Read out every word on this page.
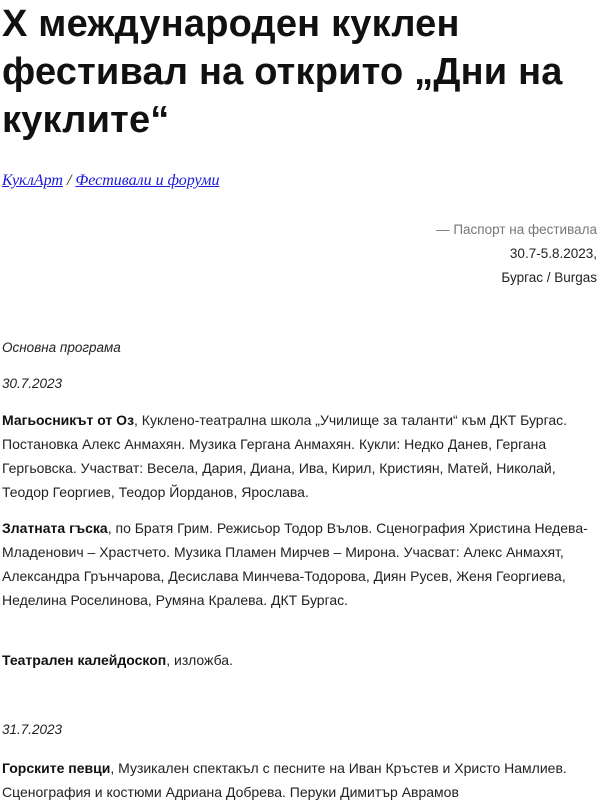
Х международен куклен фестивал на открито „Дни на куклите“
КуклАрт / Фестивали и форуми
— Паспорт на фестивала
30.7-5.8.2023,
Бургас / Burgas
Основна програма
30.7.2023

Магьосникът от Оз, Куклено-театрална школа „Училище за таланти“ към ДКТ Бургас. Постановка Алекс Анмахян. Музика Гергана Анмахян. Кукли: Недко Данев, Гергана Гергьовска. Участват: Весела, Дария, Диана, Ива, Кирил, Кристиян, Матей, Николай, Теодор Георгиев, Теодор Йорданов, Ярослава.

Златната гъска, по Братя Грим. Режисьор Тодор Вълов. Сценография Христина Недева-Младенович – Храстчето. Музика Пламен Мирчев – Мирона. Учасват: Алекс Анмахят, Александра Грънчарова, Десислава Минчева-Тодорова, Диян Русев, Женя Георгиева, Неделина Роселинова, Румяна Кралева. ДКТ Бургас.

Театрален калейдоскоп, изложба.

31.7.2023

Горските певци, Музикален спектакъл с песните на Иван Кръстев и Христо Намлиев. Сценография и костюми Адриана Добрева. Перуки Димитър Аврамов
